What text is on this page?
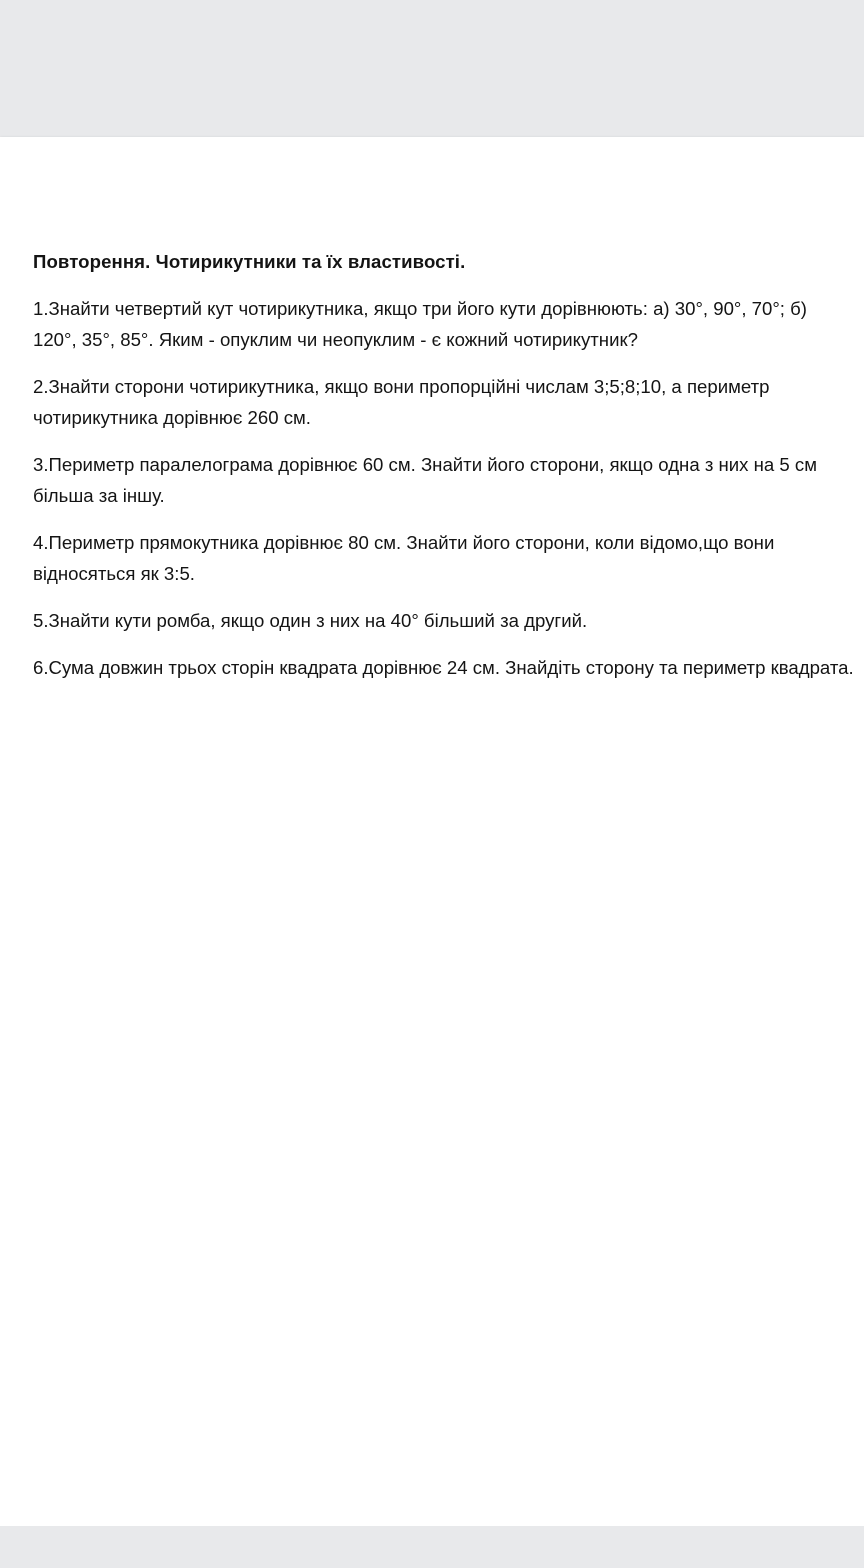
Повторення. Чотирикутники та їх властивості.

1.Знайти четвертий кут чотирикутника, якщо три його кути дорівнюють: а) 30°, 90°, 70°; б) 120°, 35°, 85°. Яким - опуклим чи неопуклим - є кожний чотирикутник?

2.Знайти сторони чотирикутника, якщо вони пропорційні числам 3;5;8;10, а периметр чотирикутника дорівнює 260 см.

3.Периметр паралелограма дорівнює 60 см. Знайти його сторони, якщо одна з них на 5 см більша за іншу.

4.Периметр прямокутника дорівнює 80 см. Знайти його сторони, коли відомо,що вони відносяться як 3:5.

5.Знайти кути ромба, якщо один з них на 40° більший за другий.

6.Сума довжин трьох сторін квадрата дорівнює 24 см. Знайдіть сторону та периметр квадрата.
